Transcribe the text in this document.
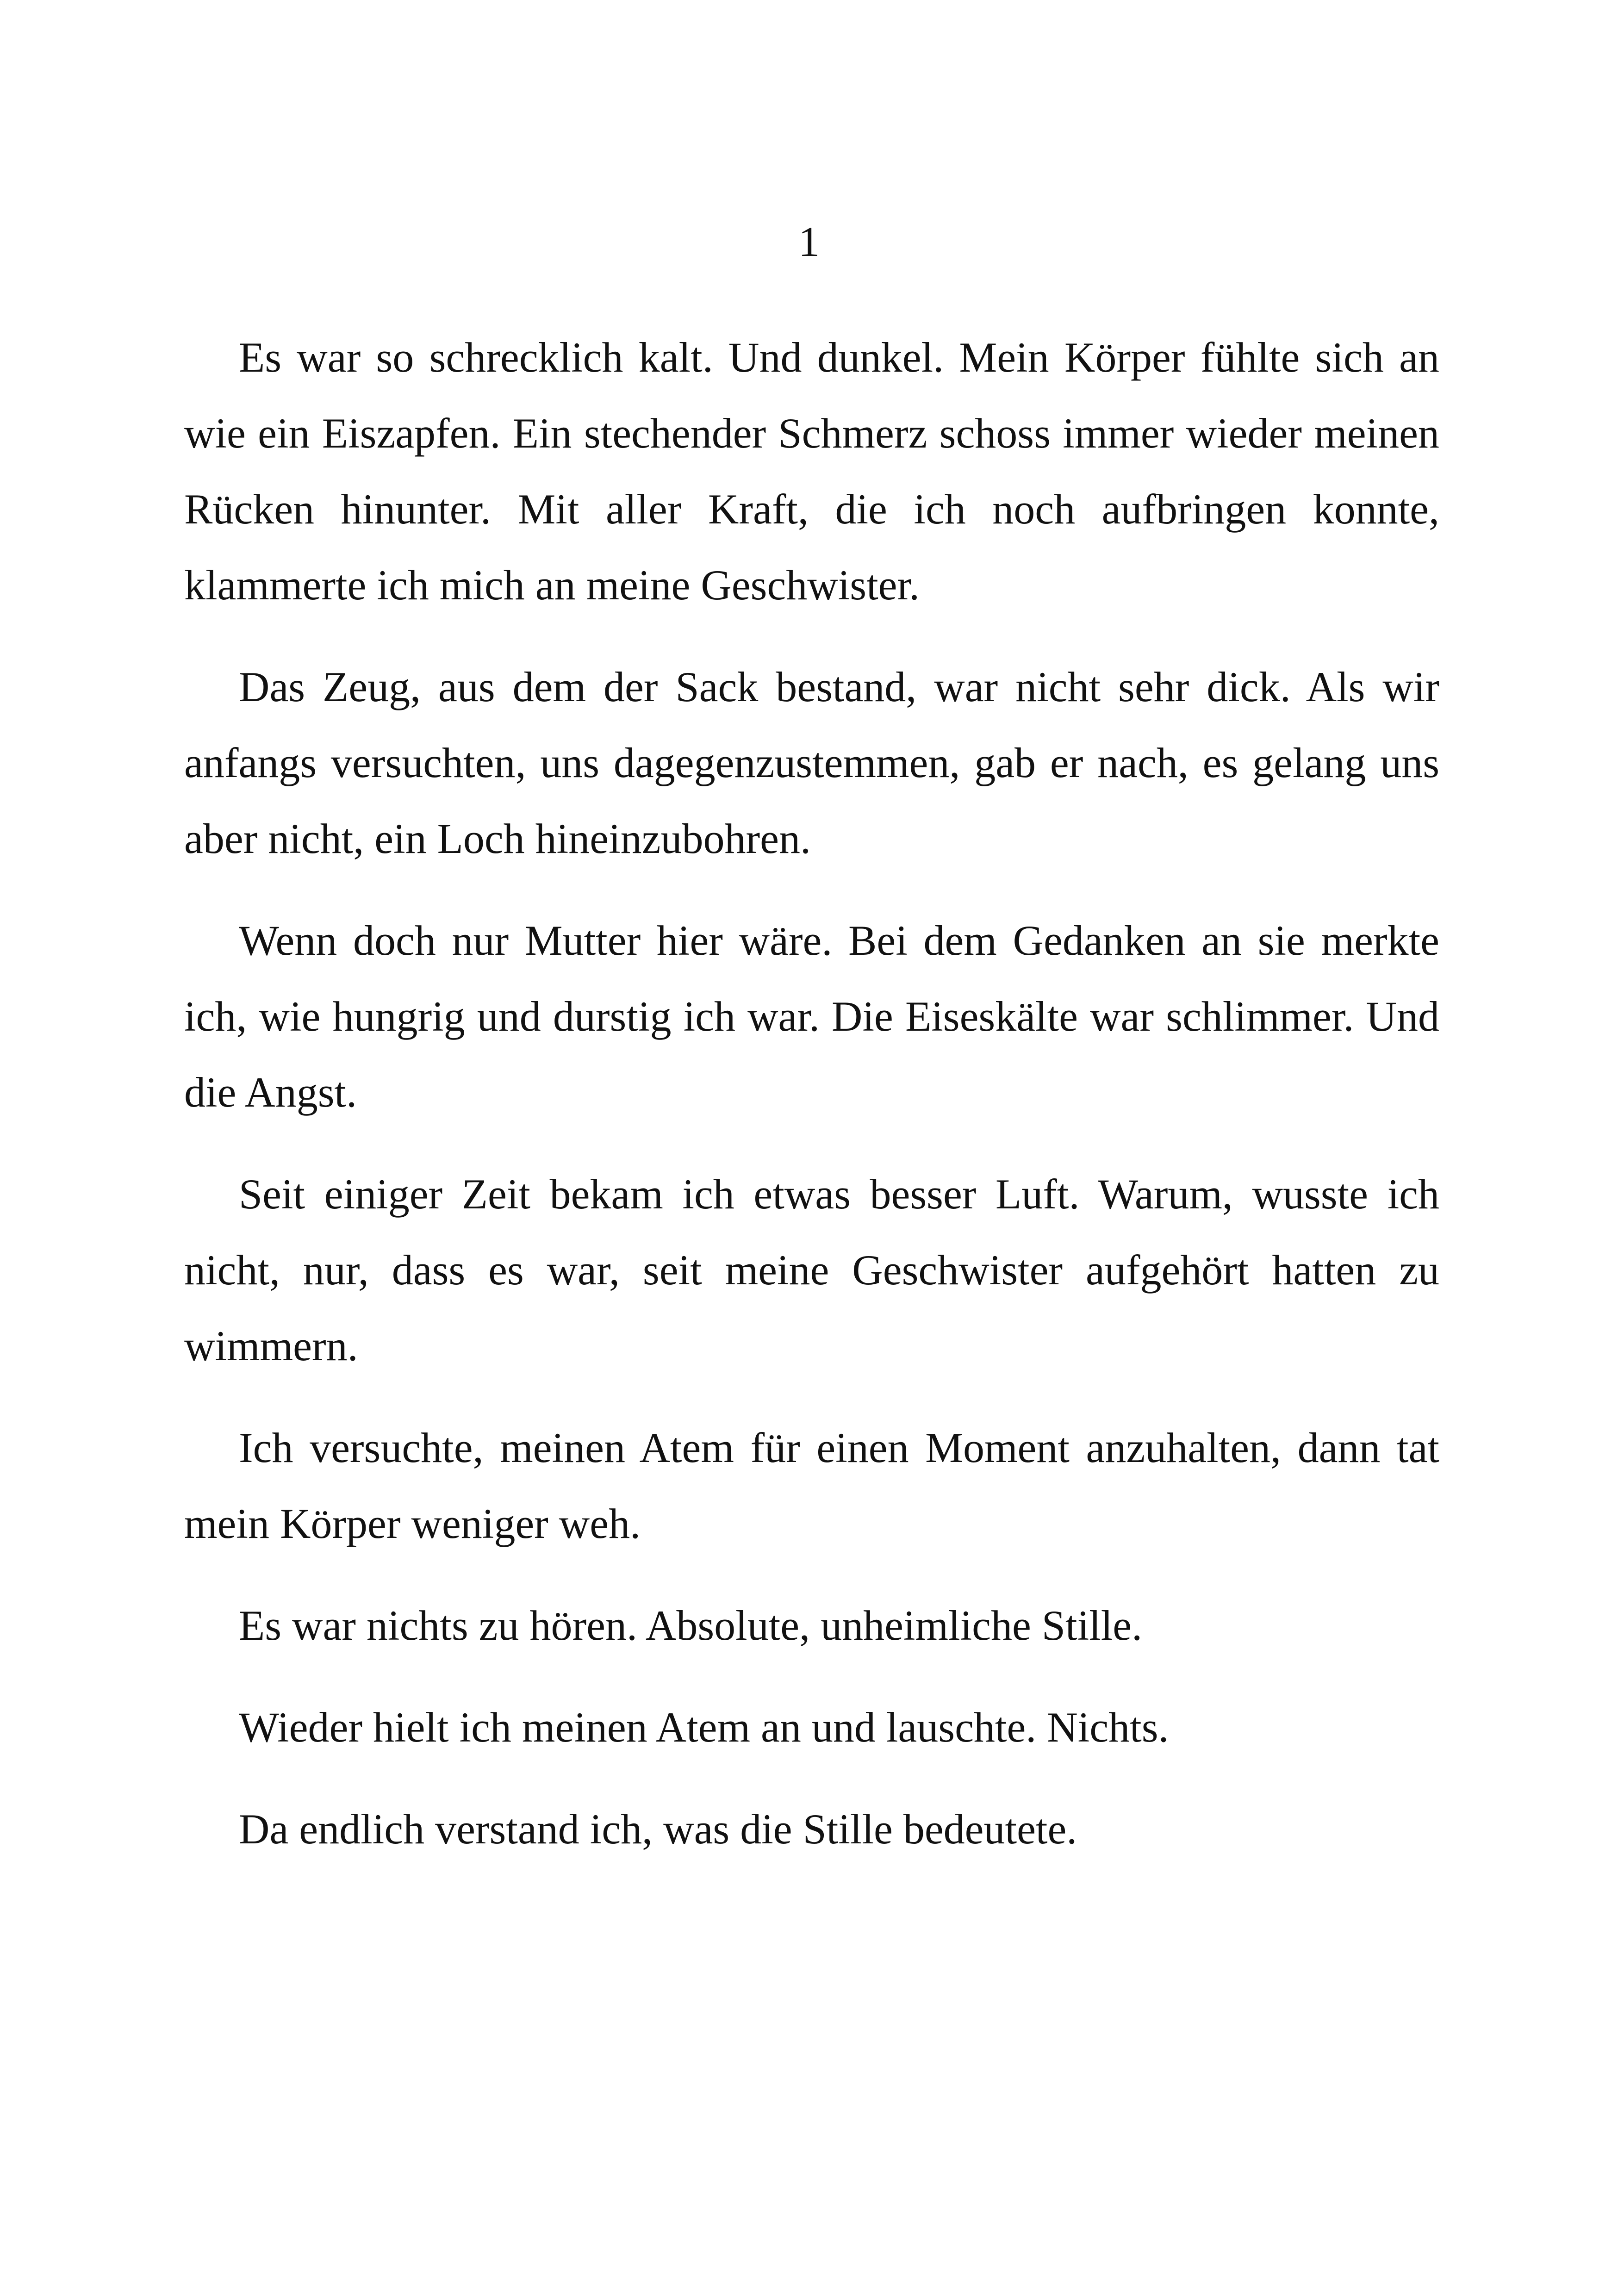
1

Es war so schrecklich kalt. Und dunkel. Mein Körper fühlte sich an wie ein Eiszapfen. Ein stechender Schmerz schoss immer wieder meinen Rücken hinunter. Mit aller Kraft, die ich noch aufbringen konnte, klammerte ich mich an meine Geschwister.

Das Zeug, aus dem der Sack bestand, war nicht sehr dick. Als wir anfangs versuchten, uns dagegenzustemmen, gab er nach, es gelang uns aber nicht, ein Loch hineinzubohren.

Wenn doch nur Mutter hier wäre. Bei dem Gedanken an sie merkte ich, wie hungrig und durstig ich war. Die Eiseskälte war schlimmer. Und die Angst.

Seit einiger Zeit bekam ich etwas besser Luft. Warum, wusste ich nicht, nur, dass es war, seit meine Geschwister aufgehört hatten zu wimmern.

Ich versuchte, meinen Atem für einen Moment anzuhalten, dann tat mein Körper weniger weh.

Es war nichts zu hören. Absolute, unheimliche Stille.

Wieder hielt ich meinen Atem an und lauschte. Nichts.

Da endlich verstand ich, was die Stille bedeutete.
